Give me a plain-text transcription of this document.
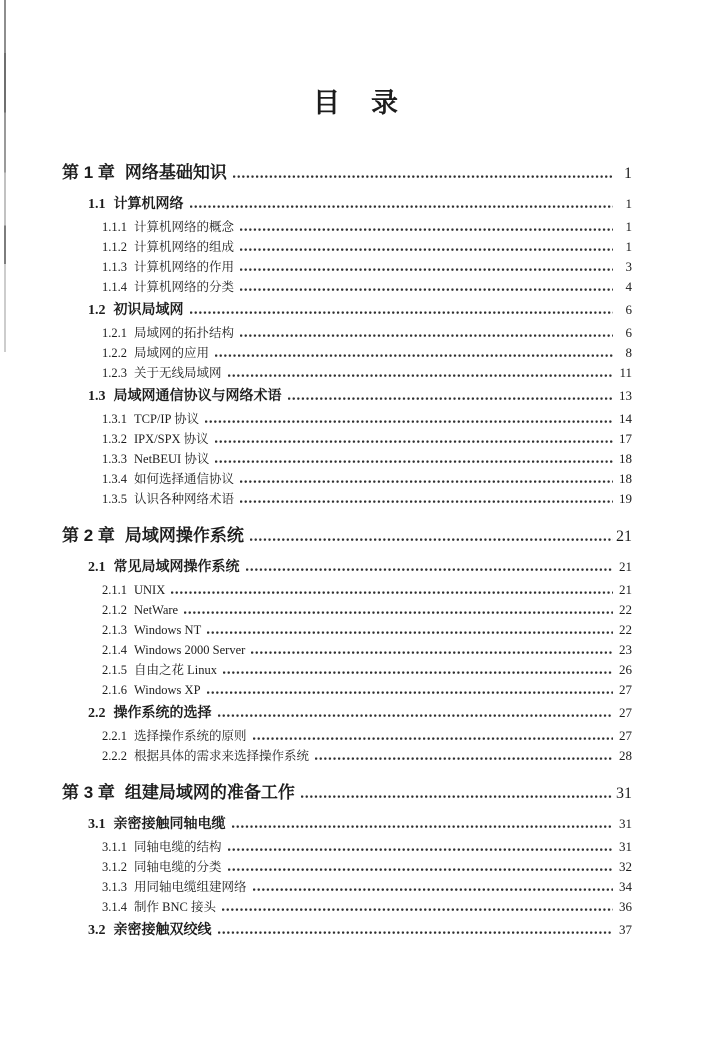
目　录
第 1 章 网络基础知识	1
1.1 计算机网络	1
1.1.1 计算机网络的概念	1
1.1.2 计算机网络的组成	1
1.1.3 计算机网络的作用	3
1.1.4 计算机网络的分类	4
1.2 初识局域网	6
1.2.1 局域网的拓扑结构	6
1.2.2 局域网的应用	8
1.2.3 关于无线局域网	11
1.3 局域网通信协议与网络术语	13
1.3.1 TCP/IP 协议	14
1.3.2 IPX/SPX 协议	17
1.3.3 NetBEUI 协议	18
1.3.4 如何选择通信协议	18
1.3.5 认识各种网络术语	19
第 2 章 局域网操作系统	21
2.1 常见局域网操作系统	21
2.1.1 UNIX	21
2.1.2 NetWare	22
2.1.3 Windows NT	22
2.1.4 Windows 2000 Server	23
2.1.5 自由之花 Linux	26
2.1.6 Windows XP	27
2.2 操作系统的选择	27
2.2.1 选择操作系统的原则	27
2.2.2 根据具体的需求来选择操作系统	28
第 3 章 组建局域网的准备工作	31
3.1 亲密接触同轴电缆	31
3.1.1 同轴电缆的结构	31
3.1.2 同轴电缆的分类	32
3.1.3 用同轴电缆组建网络	34
3.1.4 制作 BNC 接头	36
3.2 亲密接触双绞线	37
